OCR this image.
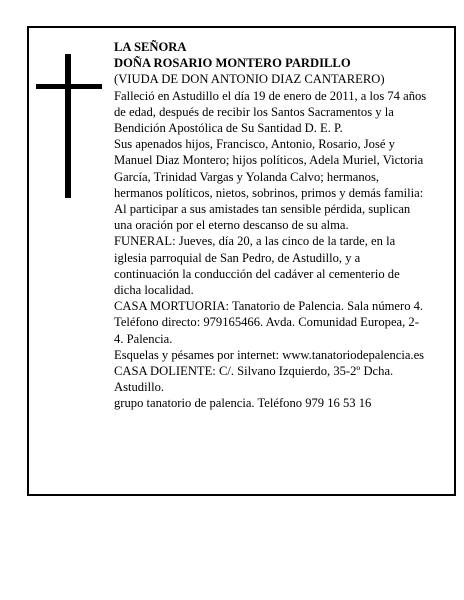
LA SEÑORA
DOÑA ROSARIO MONTERO PARDILLO
(VIUDA DE DON ANTONIO DIAZ CANTARERO)
Falleció en Astudillo el día 19 de enero de 2011, a los 74 años de edad, después de recibir los Santos Sacramentos y la Bendición Apostólica de Su Santidad D. E. P.
Sus apenados hijos, Francisco, Antonio, Rosario, José y Manuel Diaz Montero; hijos políticos, Adela Muriel, Victoria García, Trinidad Vargas y Yolanda Calvo; hermanos, hermanos políticos, nietos, sobrinos, primos y demás familia:
Al participar a sus amistades tan sensible pérdida, suplican una oración por el eterno descanso de su alma.
FUNERAL: Jueves, día 20, a las cinco de la tarde, en la iglesia parroquial de San Pedro, de Astudillo, y a continuación la conducción del cadáver al cementerio de dicha localidad.
CASA MORTUORIA: Tanatorio de Palencia. Sala número 4. Teléfono directo: 979165466. Avda. Comunidad Europea, 2-4. Palencia.
Esquelas y pésames por internet: www.tanatoriodepalencia.es
CASA DOLIENTE: C/. Silvano Izquierdo, 35-2º Dcha. Astudillo.
grupo tanatorio de palencia. Teléfono 979 16 53 16
